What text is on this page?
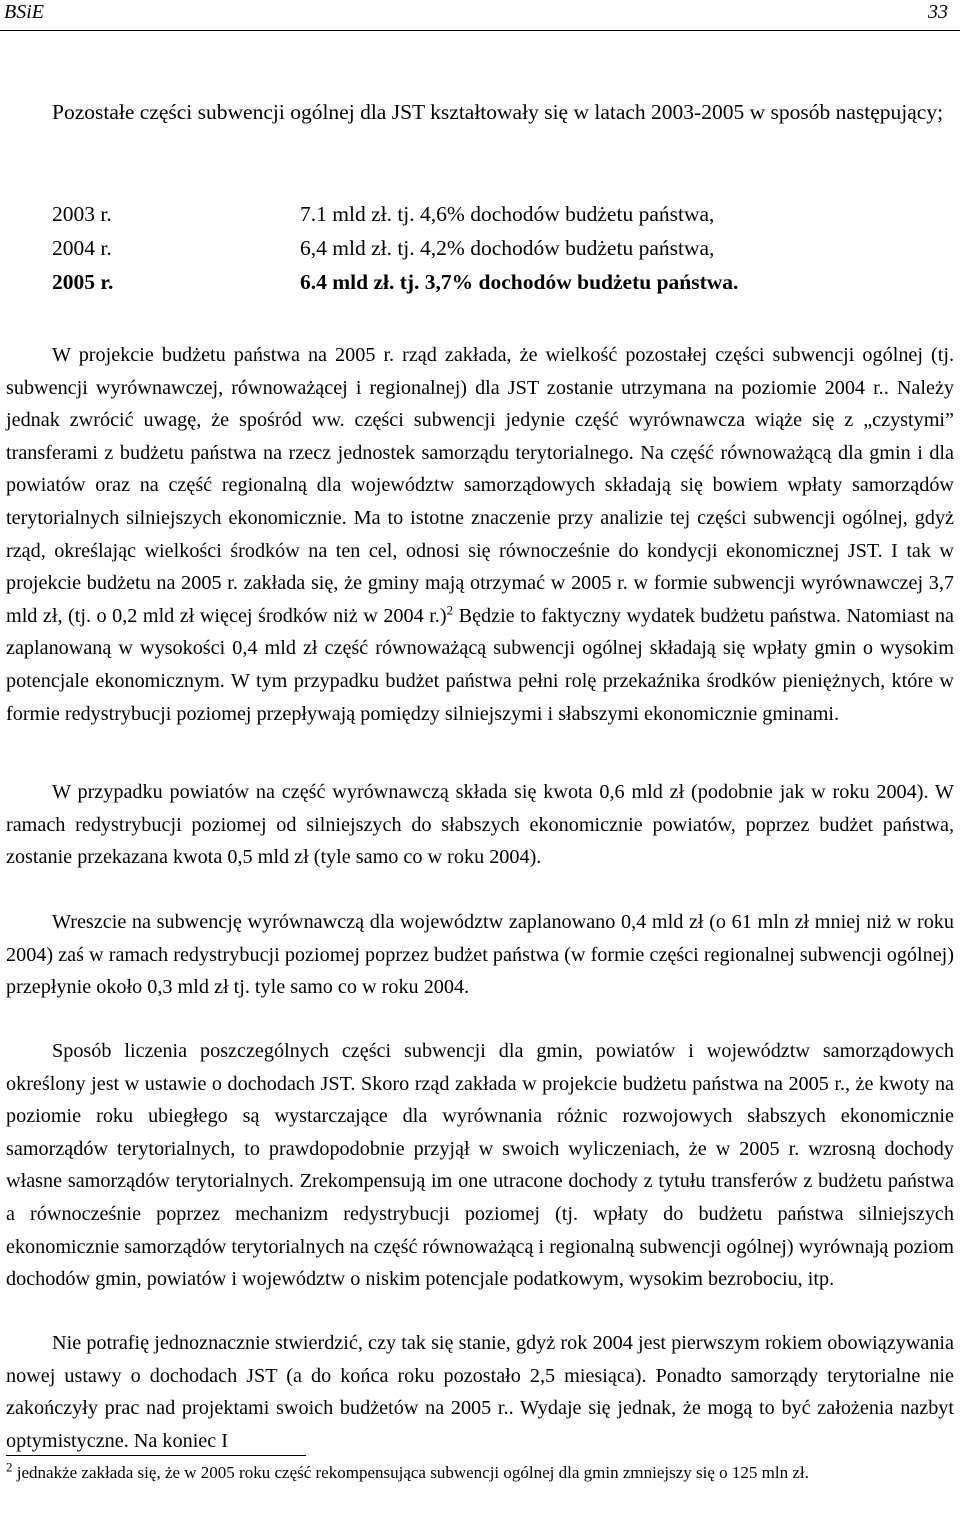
BSiE	33

Pozostałe części subwencji ogólnej dla JST kształtowały się w latach 2003-2005 w sposób następujący;

2003 r.	7.1 mld zł. tj. 4,6% dochodów budżetu państwa,
2004 r.	6,4 mld zł. tj. 4,2% dochodów budżetu państwa,
2005 r.	6.4 mld zł. tj. 3,7% dochodów budżetu państwa.

W projekcie budżetu państwa na 2005 r. rząd zakłada, że wielkość pozostałej części subwencji ogólnej (tj. subwencji wyrównawczej, równoważącej i regionalnej) dla JST zostanie utrzymana na poziomie 2004 r.. Należy jednak zwrócić uwagę, że spośród ww. części subwencji jedynie część wyrównawcza wiąże się z „czystymi” transferami z budżetu państwa na rzecz jednostek samorządu terytorialnego. Na część równoważącą dla gmin i dla powiatów oraz na część regionalną dla województw samorządowych składają się bowiem wpłaty samorządów terytorialnych silniejszych ekonomicznie. Ma to istotne znaczenie przy analizie tej części subwencji ogólnej, gdyż rząd, określając wielkości środków na ten cel, odnosi się równocześnie do kondycji ekonomicznej JST. I tak w projekcie budżetu na 2005 r. zakłada się, że gminy mają otrzymać w 2005 r. w formie subwencji wyrównawczej 3,7 mld zł, (tj. o 0,2 mld zł więcej środków niż w 2004 r.)$^2$ Będzie to faktyczny wydatek budżetu państwa. Natomiast na zaplanowaną w wysokości 0,4 mld zł część równoważącą subwencji ogólnej składają się wpłaty gmin o wysokim potencjale ekonomicznym. W tym przypadku budżet państwa pełni rolę przekaźnika środków pieniężnych, które w formie redystrybucji poziomej przepływają pomiędzy silniejszymi i słabszymi ekonomicznie gminami.

W przypadku powiatów na część wyrównawczą składa się kwota 0,6 mld zł (podobnie jak w roku 2004). W ramach redystrybucji poziomej od silniejszych do słabszych ekonomicznie powiatów, poprzez budżet państwa, zostanie przekazana kwota 0,5 mld zł (tyle samo co w roku 2004).

Wreszcie na subwencję wyrównawczą dla województw zaplanowano 0,4 mld zł (o 61 mln zł mniej niż w roku 2004) zaś w ramach redystrybucji poziomej poprzez budżet państwa (w formie części regionalnej subwencji ogólnej) przepłynie około 0,3 mld zł tj. tyle samo co w roku 2004.

Sposób liczenia poszczególnych części subwencji dla gmin, powiatów i województw samorządowych określony jest w ustawie o dochodach JST. Skoro rząd zakłada w projekcie budżetu państwa na 2005 r., że kwoty na poziomie roku ubiegłego są wystarczające dla wyrównania różnic rozwojowych słabszych ekonomicznie samorządów terytorialnych, to prawdopodobnie przyjął w swoich wyliczeniach, że w 2005 r. wzrosną dochody własne samorządów terytorialnych. Zrekompensują im one utracone dochody z tytułu transferów z budżetu państwa a równocześnie poprzez mechanizm redystrybucji poziomej (tj. wpłaty do budżetu państwa silniejszych ekonomicznie samorządów terytorialnych na część równoważącą i regionalną subwencji ogólnej) wyrównają poziom dochodów gmin, powiatów i województw o niskim potencjale podatkowym, wysokim bezrobociu, itp.

Nie potrafię jednoznacznie stwierdzić, czy tak się stanie, gdyż rok 2004 jest pierwszym rokiem obowiązywania nowej ustawy o dochodach JST (a do końca roku pozostało 2,5 miesiąca). Ponadto samorządy terytorialne nie zakończyły prac nad projektami swoich budżetów na 2005 r.. Wydaje się jednak, że mogą to być założenia nazbyt optymistyczne. Na koniec I

$^2$ jednakże zakłada się, że w 2005 roku część rekompensująca subwencji ogólnej dla gmin zmniejszy się o 125 mln zł.
